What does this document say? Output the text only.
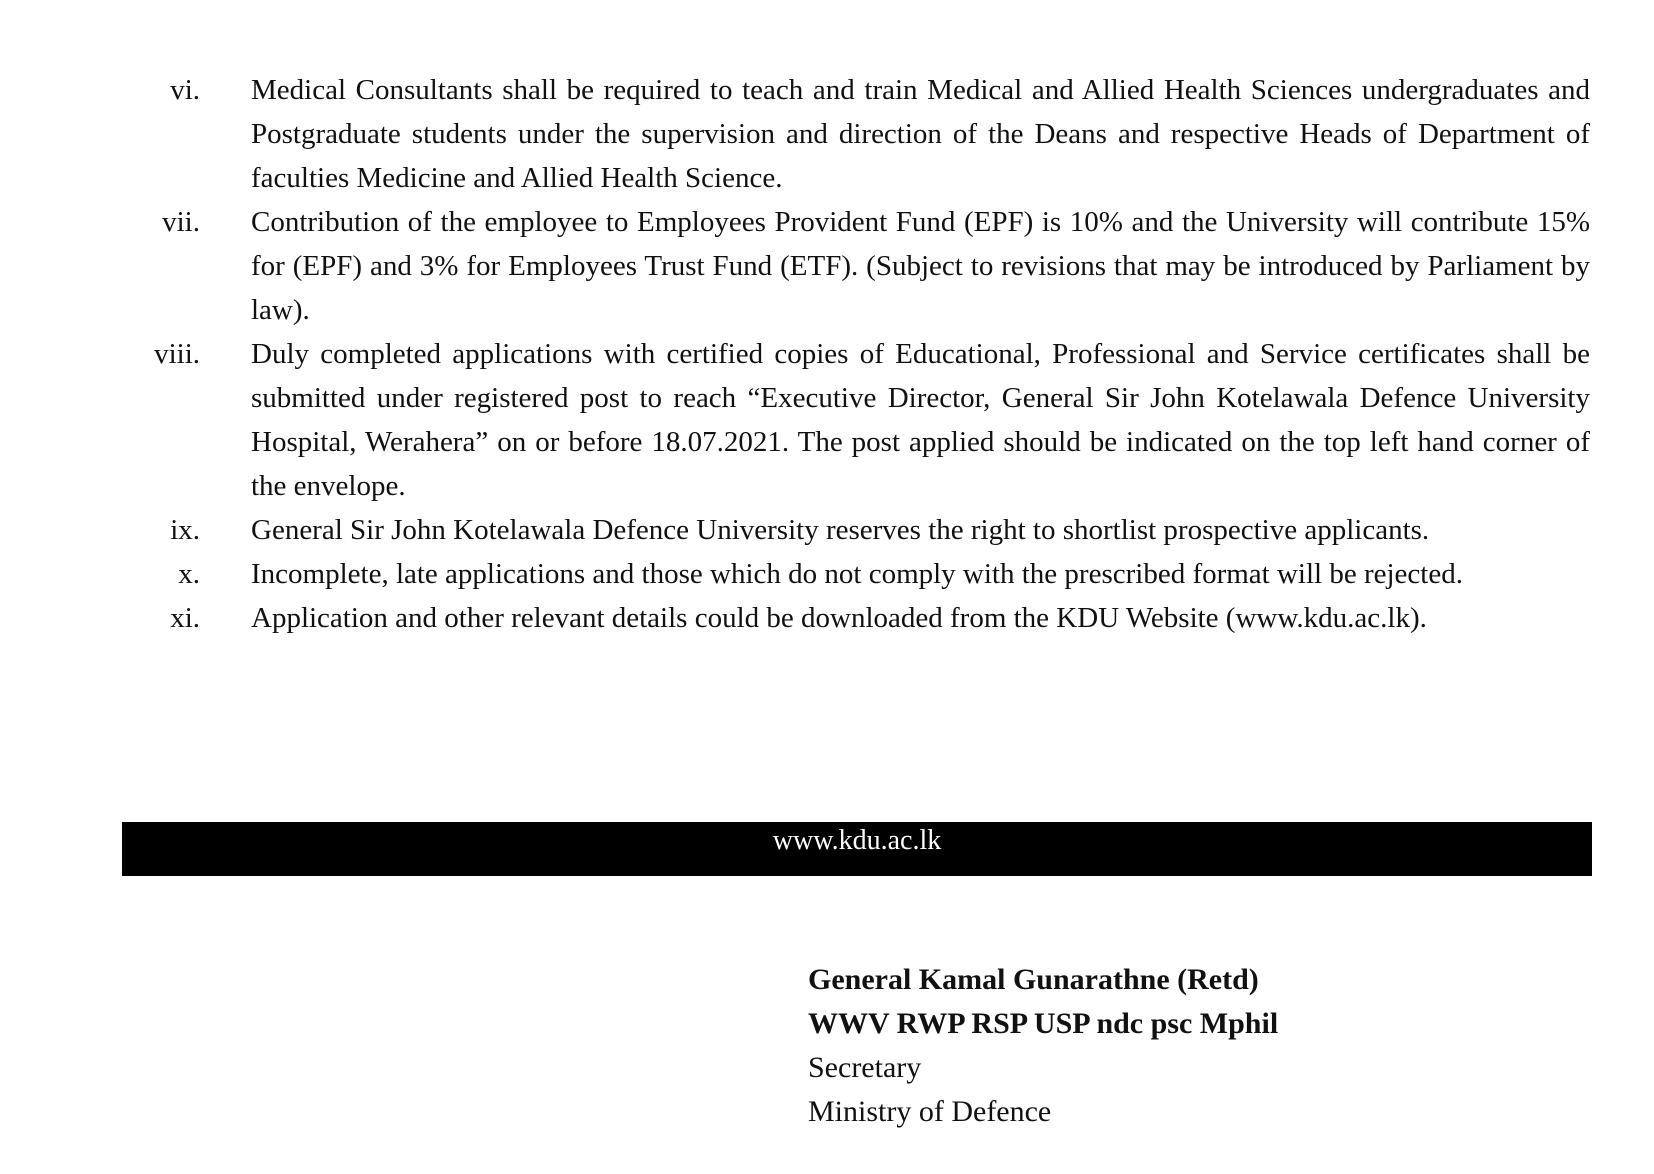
vi. Medical Consultants shall be required to teach and train Medical and Allied Health Sciences undergraduates and Postgraduate students under the supervision and direction of the Deans and respective Heads of Department of faculties Medicine and Allied Health Science.
vii. Contribution of the employee to Employees Provident Fund (EPF) is 10% and the University will contribute 15% for (EPF) and 3% for Employees Trust Fund (ETF). (Subject to revisions that may be introduced by Parliament by law).
viii. Duly completed applications with certified copies of Educational, Professional and Service certificates shall be submitted under registered post to reach “Executive Director, General Sir John Kotelawala Defence University Hospital, Werahera” on or before 18.07.2021. The post applied should be indicated on the top left hand corner of the envelope.
ix. General Sir John Kotelawala Defence University reserves the right to shortlist prospective applicants.
x. Incomplete, late applications and those which do not comply with the prescribed format will be rejected.
xi. Application and other relevant details could be downloaded from the KDU Website (www.kdu.ac.lk).
www.kdu.ac.lk
General Kamal Gunarathne (Retd)
WWV RWP RSP USP ndc psc Mphil
Secretary
Ministry of Defence
